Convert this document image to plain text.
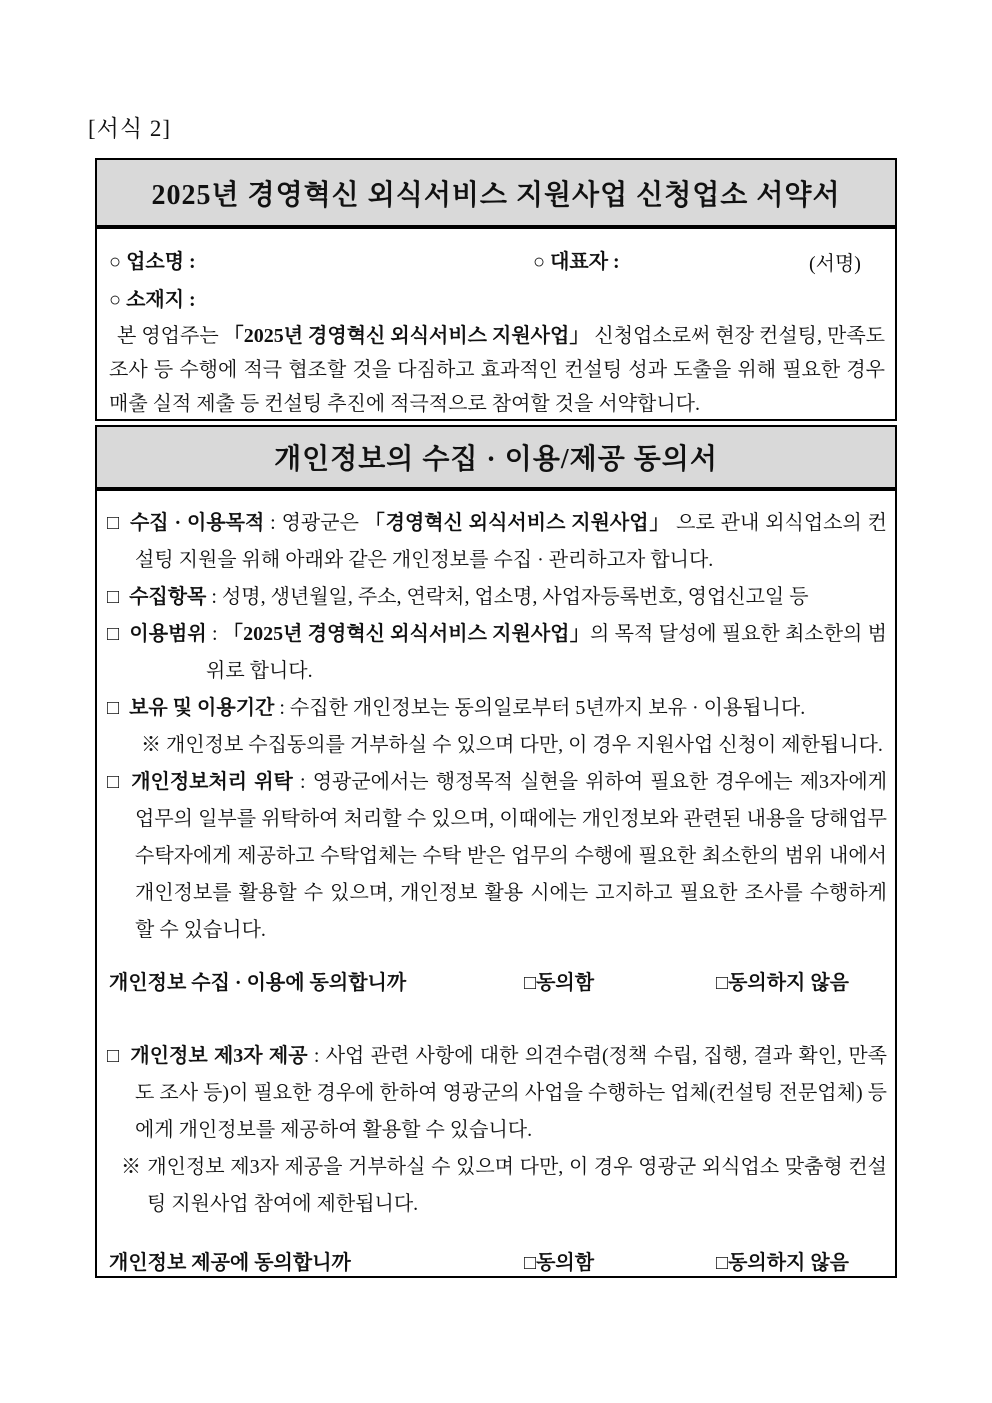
[서식 2]
2025년 경영혁신 외식서비스 지원사업 신청업소 서약서
○ 업소명 :	○ 대표자 :	(서명)
○ 소재지 :

본 영업주는 「2025년 경영혁신 외식서비스 지원사업」 신청업소로써 현장 컨설팅, 만족도 조사 등 수행에 적극 협조할 것을 다짐하고 효과적인 컨설팅 성과 도출을 위해 필요한 경우 매출 실적 제출 등 컨설팅 추진에 적극적으로 참여할 것을 서약합니다.

개인정보의 수집 · 이용/제공 동의서

□ 수집 · 이용목적 : 영광군은 「경영혁신 외식서비스 지원사업」 으로 관내 외식업소의 컨설팅 지원을 위해 아래와 같은 개인정보를 수집 · 관리하고자 합니다.

□ 수집항목 : 성명, 생년월일, 주소, 연락처, 업소명, 사업자등록번호, 영업신고일 등

□ 이용범위 : 「2025년 경영혁신 외식서비스 지원사업」의 목적 달성에 필요한 최소한의 범위로 합니다.

□ 보유 및 이용기간 : 수집한 개인정보는 동의일로부터 5년까지 보유 · 이용됩니다.

※ 개인정보 수집동의를 거부하실 수 있으며 다만, 이 경우 지원사업 신청이 제한됩니다.

□ 개인정보처리 위탁 : 영광군에서는 행정목적 실현을 위하여 필요한 경우에는 제3자에게 업무의 일부를 위탁하여 처리할 수 있으며, 이때에는 개인정보와 관련된 내용을 당해업무 수탁자에게 제공하고 수탁업체는 수탁 받은 업무의 수행에 필요한 최소한의 범위 내에서 개인정보를 활용할 수 있으며, 개인정보 활용 시에는 고지하고 필요한 조사를 수행하게 할 수 있습니다.

개인정보 수집 · 이용에 동의합니까	□동의함	□동의하지 않음

□ 개인정보 제3자 제공 : 사업 관련 사항에 대한 의견수렴(정책 수립, 집행, 결과 확인, 만족도 조사 등)이 필요한 경우에 한하여 영광군의 사업을 수행하는 업체(컨설팅 전문업체) 등에게 개인정보를 제공하여 활용할 수 있습니다.

※ 개인정보 제3자 제공을 거부하실 수 있으며 다만, 이 경우 영광군 외식업소 맞춤형 컨설팅 지원사업 참여에 제한됩니다.

개인정보 제공에 동의합니까	□동의함	□동의하지 않음
